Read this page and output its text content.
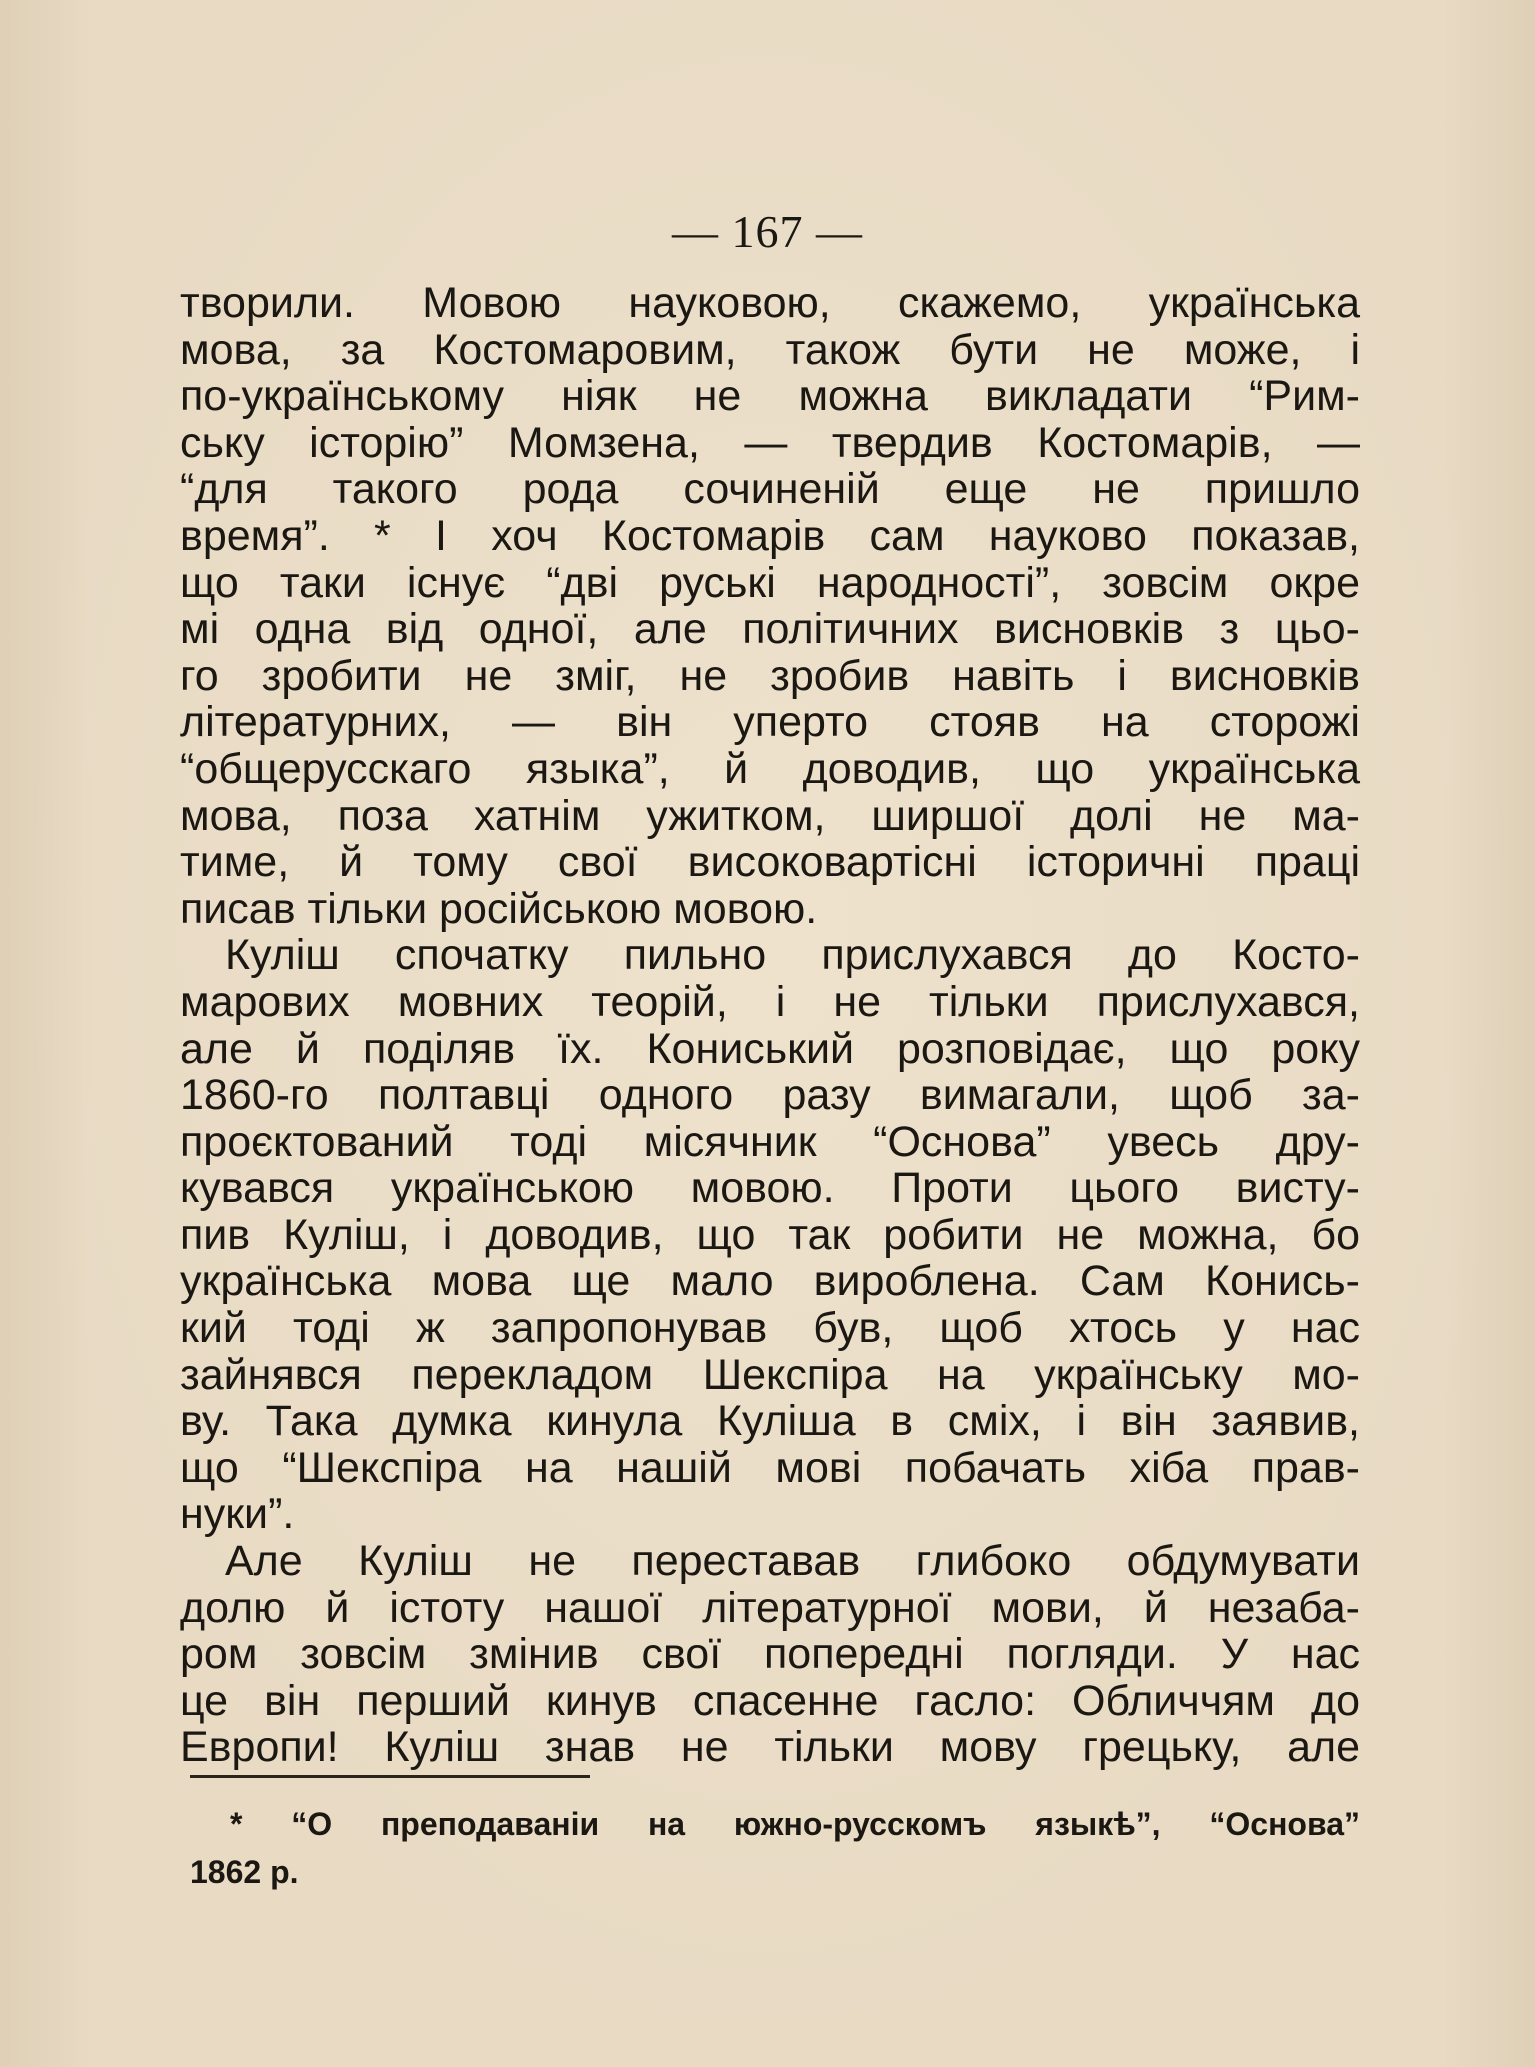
— 167 —
творили. Мовою науковою, скажемо, українська
мова, за Костомаровим, також бути не може, і
по-українському ніяк не можна викладати “Рим-
ську історію” Момзена, — твердив Костомарів, —
“для такого рода сочиненій еще не пришло
время”. * І хоч Костомарів сам науково показав,
що таки існує “дві руські народності”, зовсім окре
мі одна від одної, але політичних висновків з цьо-
го зробити не зміг, не зробив навіть і висновків
літературних, — він уперто стояв на сторожі
“общерусскаго языка”, й доводив, що українська
мова, поза хатнім ужитком, ширшої долі не ма-
тиме, й тому свої високовартісні історичні праці
писав тільки російською мовою.
Куліш спочатку пильно прислухався до Косто-
марових мовних теорій, і не тільки прислухався,
але й поділяв їх. Кониський розповідає, що року
1860-го полтавці одного разу вимагали, щоб за-
проєктований тоді місячник “Основа” увесь дру-
кувався українською мовою. Проти цього висту-
пив Куліш, і доводив, що так робити не можна, бо
українська мова ще мало вироблена. Сам Конись-
кий тоді ж запропонував був, щоб хтось у нас
зайнявся перекладом Шекспіра на українську мо-
ву. Така думка кинула Куліша в сміх, і він заявив,
що “Шекспіра на нашій мові побачать хіба прав-
нуки”.
Але Куліш не переставав глибоко обдумувати
долю й істоту нашої літературної мови, й незаба-
ром зовсім змінив свої попередні погляди. У нас
це він перший кинув спасенне гасло: Обличчям до
Европи! Куліш знав не тільки мову грецьку, але
* “О преподаваніи на южно-русскомъ языкѣ”, “Основа”
1862 р.
